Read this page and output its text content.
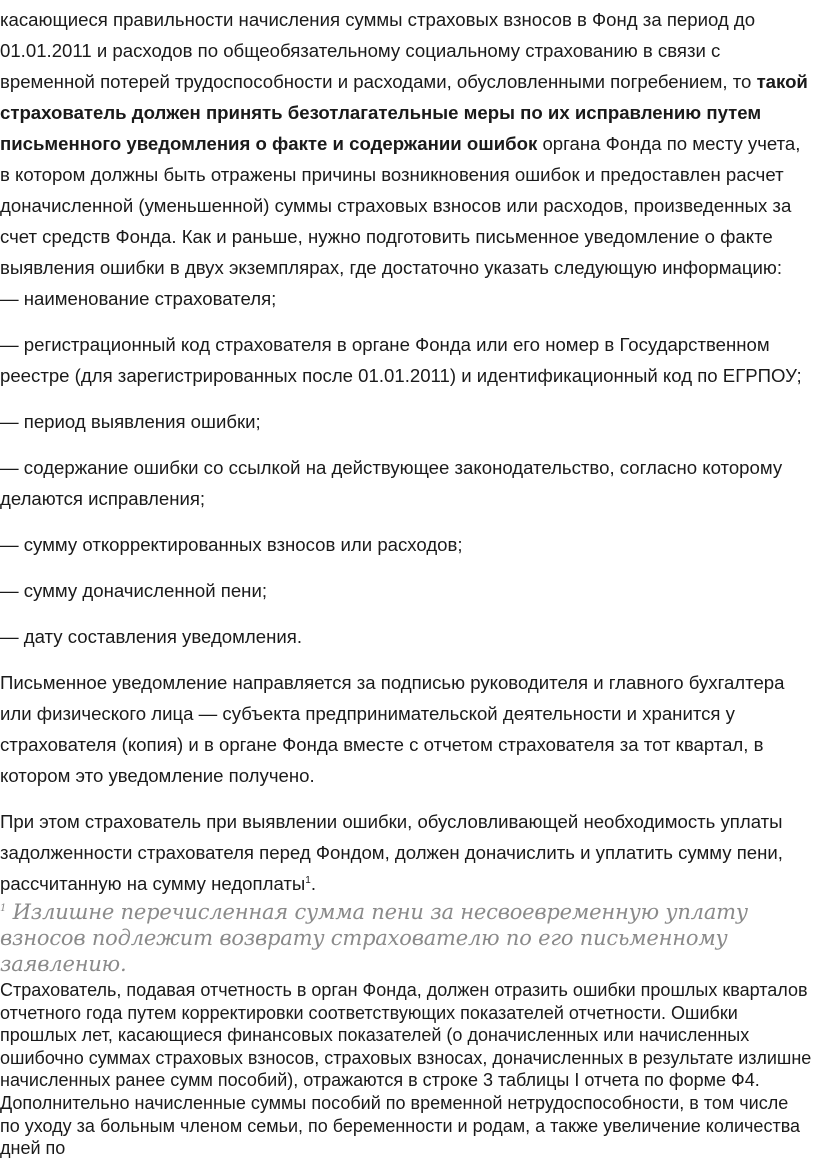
касающиеся правильности начисления суммы страховых взносов в Фонд за период до 01.01.2011 и расходов по общеобязательному социальному страхованию в связи с временной потерей трудоспособности и расходами, обусловленными погребением, то такой страхователь должен принять безотлагательные меры по их исправлению путем письменного уведомления о факте и содержании ошибок органа Фонда по месту учета, в котором должны быть отражены причины возникновения ошибок и предоставлен расчет доначисленной (уменьшенной) суммы страховых взносов или расходов, произведенных за счет средств Фонда. Как и раньше, нужно подготовить письменное уведомление о факте выявления ошибки в двух экземплярах, где достаточно указать следующую информацию:

— наименование страхователя;

— регистрационный код страхователя в органе Фонда или его номер в Государственном реестре (для зарегистрированных после 01.01.2011) и идентификационный код по ЕГРПОУ;

— период выявления ошибки;

— содержание ошибки со ссылкой на действующее законодательство, согласно которому делаются исправления;

— сумму откорректированных взносов или расходов;

— сумму доначисленной пени;

— дату составления уведомления.

Письменное уведомление направляется за подписью руководителя и главного бухгалтера или физического лица — субъекта предпринимательской деятельности и хранится у страхователя (копия) и в органе Фонда вместе с отчетом страхователя за тот квартал, в котором это уведомление получено.

При этом страхователь при выявлении ошибки, обусловливающей необходимость уплаты задолженности страхователя перед Фондом, должен доначислить и уплатить сумму пени, рассчитанную на сумму недоплаты$^1$.

$^1$ Излишне перечисленная сумма пени за несвоевременную уплату взносов подлежит возврату страхователю по его письменному заявлению.

Страхователь, подавая отчетность в орган Фонда, должен отразить ошибки прошлых кварталов отчетного года путем корректировки соответствующих показателей отчетности. Ошибки прошлых лет, касающиеся финансовых показателей (о доначисленных или начисленных ошибочно суммах страховых взносов, страховых взносах, доначисленных в результате излишне начисленных ранее сумм пособий), отражаются в строке 3 таблицы I отчета по форме Ф4. Дополнительно начисленные суммы пособий по временной нетрудоспособности, в том числе по уходу за больным членом семьи, по беременности и родам, а также увеличение количества дней по
